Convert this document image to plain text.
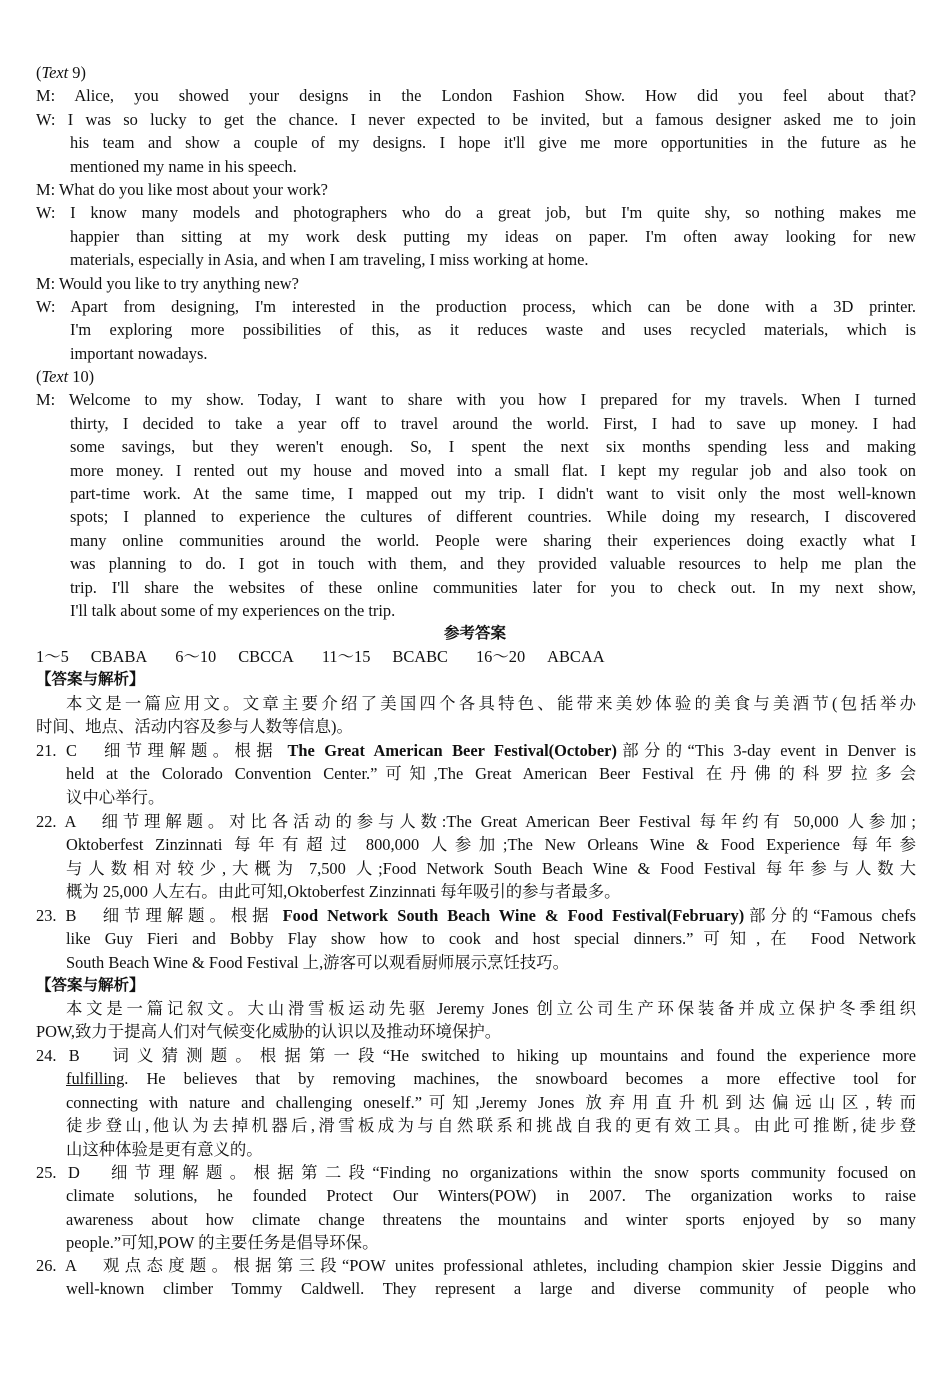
(Text 9)
M: Alice, you showed your designs in the London Fashion Show. How did you feel about that?
W: I was so lucky to get the chance. I never expected to be invited, but a famous designer asked me to join
his team and show a couple of my designs. I hope it'll give me more opportunities in the future as he
mentioned my name in his speech.
M: What do you like most about your work?
W: I know many models and photographers who do a great job, but I'm quite shy, so nothing makes me
happier than sitting at my work desk putting my ideas on paper. I'm often away looking for new
materials, especially in Asia, and when I am traveling, I miss working at home.
M: Would you like to try anything new?
W: Apart from designing, I'm interested in the production process, which can be done with a 3D printer.
I'm exploring more possibilities of this, as it reduces waste and uses recycled materials, which is
important nowadays.
(Text 10)
M: Welcome to my show. Today, I want to share with you how I prepared for my travels. When I turned
thirty, I decided to take a year off to travel around the world. First, I had to save up money. I had
some savings, but they weren't enough. So, I spent the next six months spending less and making
more money. I rented out my house and moved into a small flat. I kept my regular job and also took on
part-time work. At the same time, I mapped out my trip. I didn't want to visit only the most well-known
spots; I planned to experience the cultures of different countries. While doing my research, I discovered
many online communities around the world. People were sharing their experiences doing exactly what I
was planning to do. I got in touch with them, and they provided valuable resources to help me plan the
trip. I'll share the websites of these online communities later for you to check out. In my next show,
I'll talk about some of my experiences on the trip.
参考答案
1～5 CBABA 6～10 CBCCA 11～15 BCABC 16～20 ABCAA
【答案与解析】
本文是一篇应用文。文章主要介绍了美国四个各具特色、能带来美妙体验的美食与美酒节(包括举办
时间、地点、活动内容及参与人数等信息)。
21. C　细节理解题。根据 The Great American Beer Festival(October)部分的“This 3-day event in Denver is
held at the Colorado Convention Center.”可知,The Great American Beer Festival 在丹佛的科罗拉多会
议中心举行。
22. A　细节理解题。对比各活动的参与人数:The Great American Beer Festival 每年约有 50,000 人参加;
Oktoberfest Zinzinnati 每年有超过 800,000 人参加;The New Orleans Wine & Food Experience 每年参
与人数相对较少,大概为 7,500 人;Food Network South Beach Wine & Food Festival 每年参与人数大
概为 25,000 人左右。由此可知,Oktoberfest Zinzinnati 每年吸引的参与者最多。
23. B　细节理解题。根据 Food Network South Beach Wine & Food Festival(February)部分的“Famous chefs
like Guy Fieri and Bobby Flay show how to cook and host special dinners.”可知,在 Food Network
South Beach Wine & Food Festival 上,游客可以观看厨师展示烹饪技巧。
【答案与解析】
本文是一篇记叙文。大山滑雪板运动先驱 Jeremy Jones 创立公司生产环保装备并成立保护冬季组织
POW,致力于提高人们对气候变化威胁的认识以及推动环境保护。
24. B　词义猜测题。根据第一段“He switched to hiking up mountains and found the experience more
fulfilling. He believes that by removing machines, the snowboard becomes a more effective tool for
connecting with nature and challenging oneself.”可知,Jeremy Jones 放弃用直升机到达偏远山区,转而
徒步登山,他认为去掉机器后,滑雪板成为与自然联系和挑战自我的更有效工具。由此可推断,徒步登
山这种体验是更有意义的。
25. D　细节理解题。根据第二段“Finding no organizations within the snow sports community focused on
climate solutions, he founded Protect Our Winters(POW) in 2007. The organization works to raise
awareness about how climate change threatens the mountains and winter sports enjoyed by so many
people.”可知,POW 的主要任务是倡导环保。
26. A　观点态度题。根据第三段“POW unites professional athletes, including champion skier Jessie Diggins and
well-known climber Tommy Caldwell. They represent a large and diverse community of people who
